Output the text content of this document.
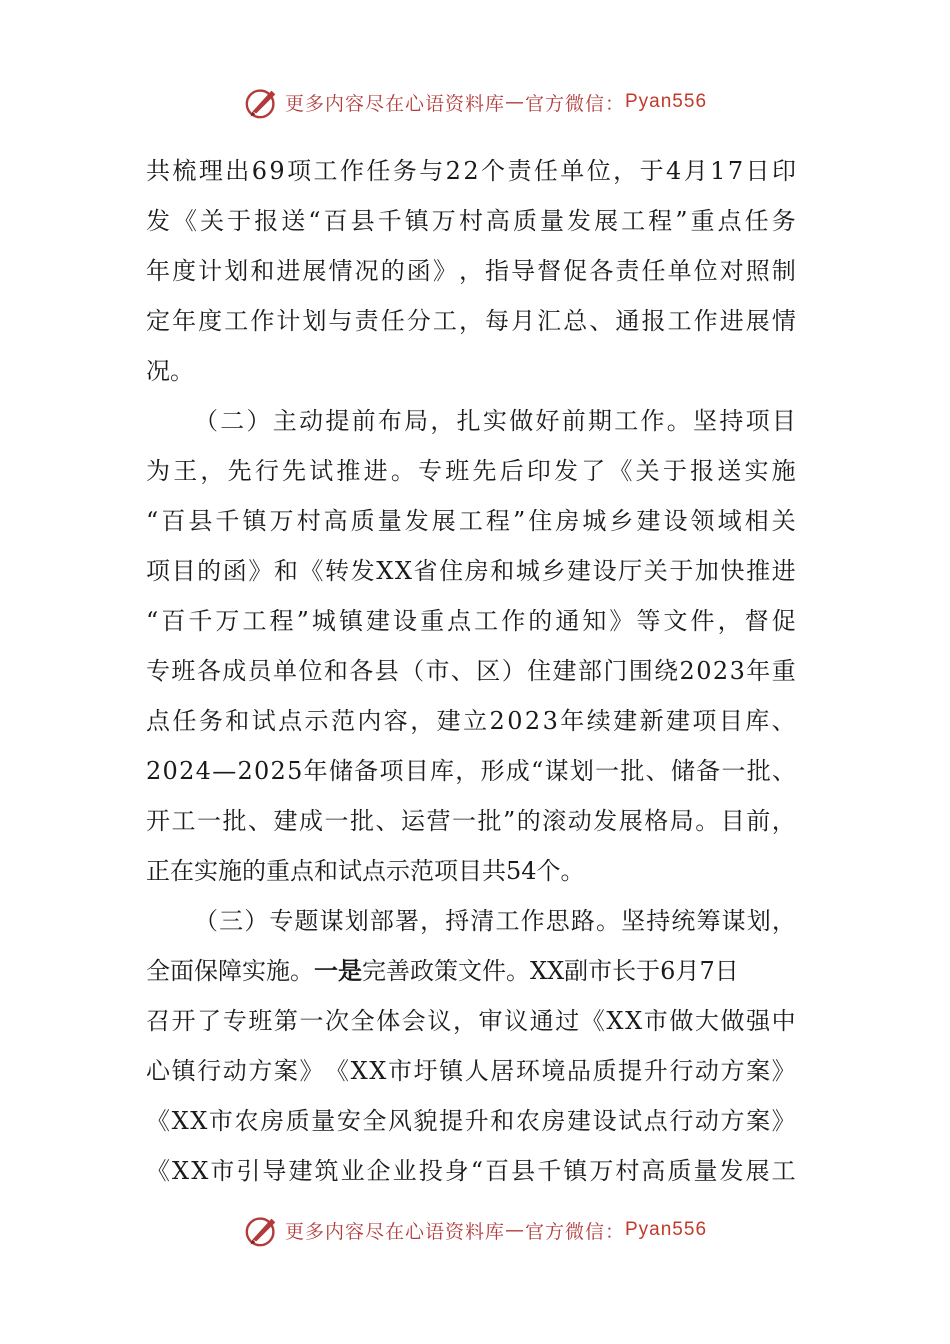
更多内容尽在心语资料库 — 官方微信： Pyan556
共 梳 理 出 6 9 项 工 作 任 务 与 2 2 个 责 任 单 位 ， 于 4 月 1 7 日 印
发 《 关 于 报 送 “ 百 县 千 镇 万 村 高 质 量 发 展 工 程 ” 重 点 任 务
年 度 计 划 和 进 展 情 况 的 函 》 ， 指 导 督 促 各 责 任 单 位 对 照 制
定 年 度 工 作 计 划 与 责 任 分 工 ， 每 月 汇 总 、 通 报 工 作 进 展 情
况。
（ 二 ） 主 动 提 前 布 局 ， 扎 实 做 好 前 期 工 作 。 坚 持 项 目
为 王 ， 先 行 先 试 推 进 。 专 班 先 后 印 发 了 《 关 于 报 送 实 施
“ 百 县 千 镇 万 村 高 质 量 发 展 工 程 ” 住 房 城 乡 建 设 领 域 相 关
项 目 的 函 》 和 《 转 发 X X 省 住 房 和 城 乡 建 设 厅 关 于 加 快 推 进
“ 百 千 万 工 程 ” 城 镇 建 设 重 点 工 作 的 通 知 》 等 文 件 ， 督 促
专 班 各 成 员 单 位 和 各 县 （ 市 、 区 ） 住 建 部 门 围 绕 2 0 2 3 年 重
点 任 务 和 试 点 示 范 内 容 ， 建 立 2 0 2 3 年 续 建 新 建 项 目 库 、
2 0 2 4 — 2 0 2 5 年 储 备 项 目 库 ， 形 成 “ 谋 划 一 批 、 储 备 一 批 、
开 工 一 批 、 建 成 一 批 、 运 营 一 批 ” 的 滚 动 发 展 格 局 。 目 前 ，
正在实施的重点和试点示范项目共54个。
（ 三 ） 专 题 谋 划 部 署 ， 捋 清 工 作 思 路 。 坚 持 统 筹 谋 划 ，
全面保障实施。 一是 完善政策文件。XX副市长于6月7日
召 开 了 专 班 第 一 次 全 体 会 议 ， 审 议 通 过 《 X X 市 做 大 做 强 中
心 镇 行 动 方 案 》 《 X X 市 圩 镇 人 居 环 境 品 质 提 升 行 动 方 案 》
《 X X 市 农 房 质 量 安 全 风 貌 提 升 和 农 房 建 设 试 点 行 动 方 案 》
《 X X 市 引 导 建 筑 业 企 业 投 身 “ 百 县 千 镇 万 村 高 质 量 发 展 工
更多内容尽在心语资料库 — 官方微信： Pyan556
